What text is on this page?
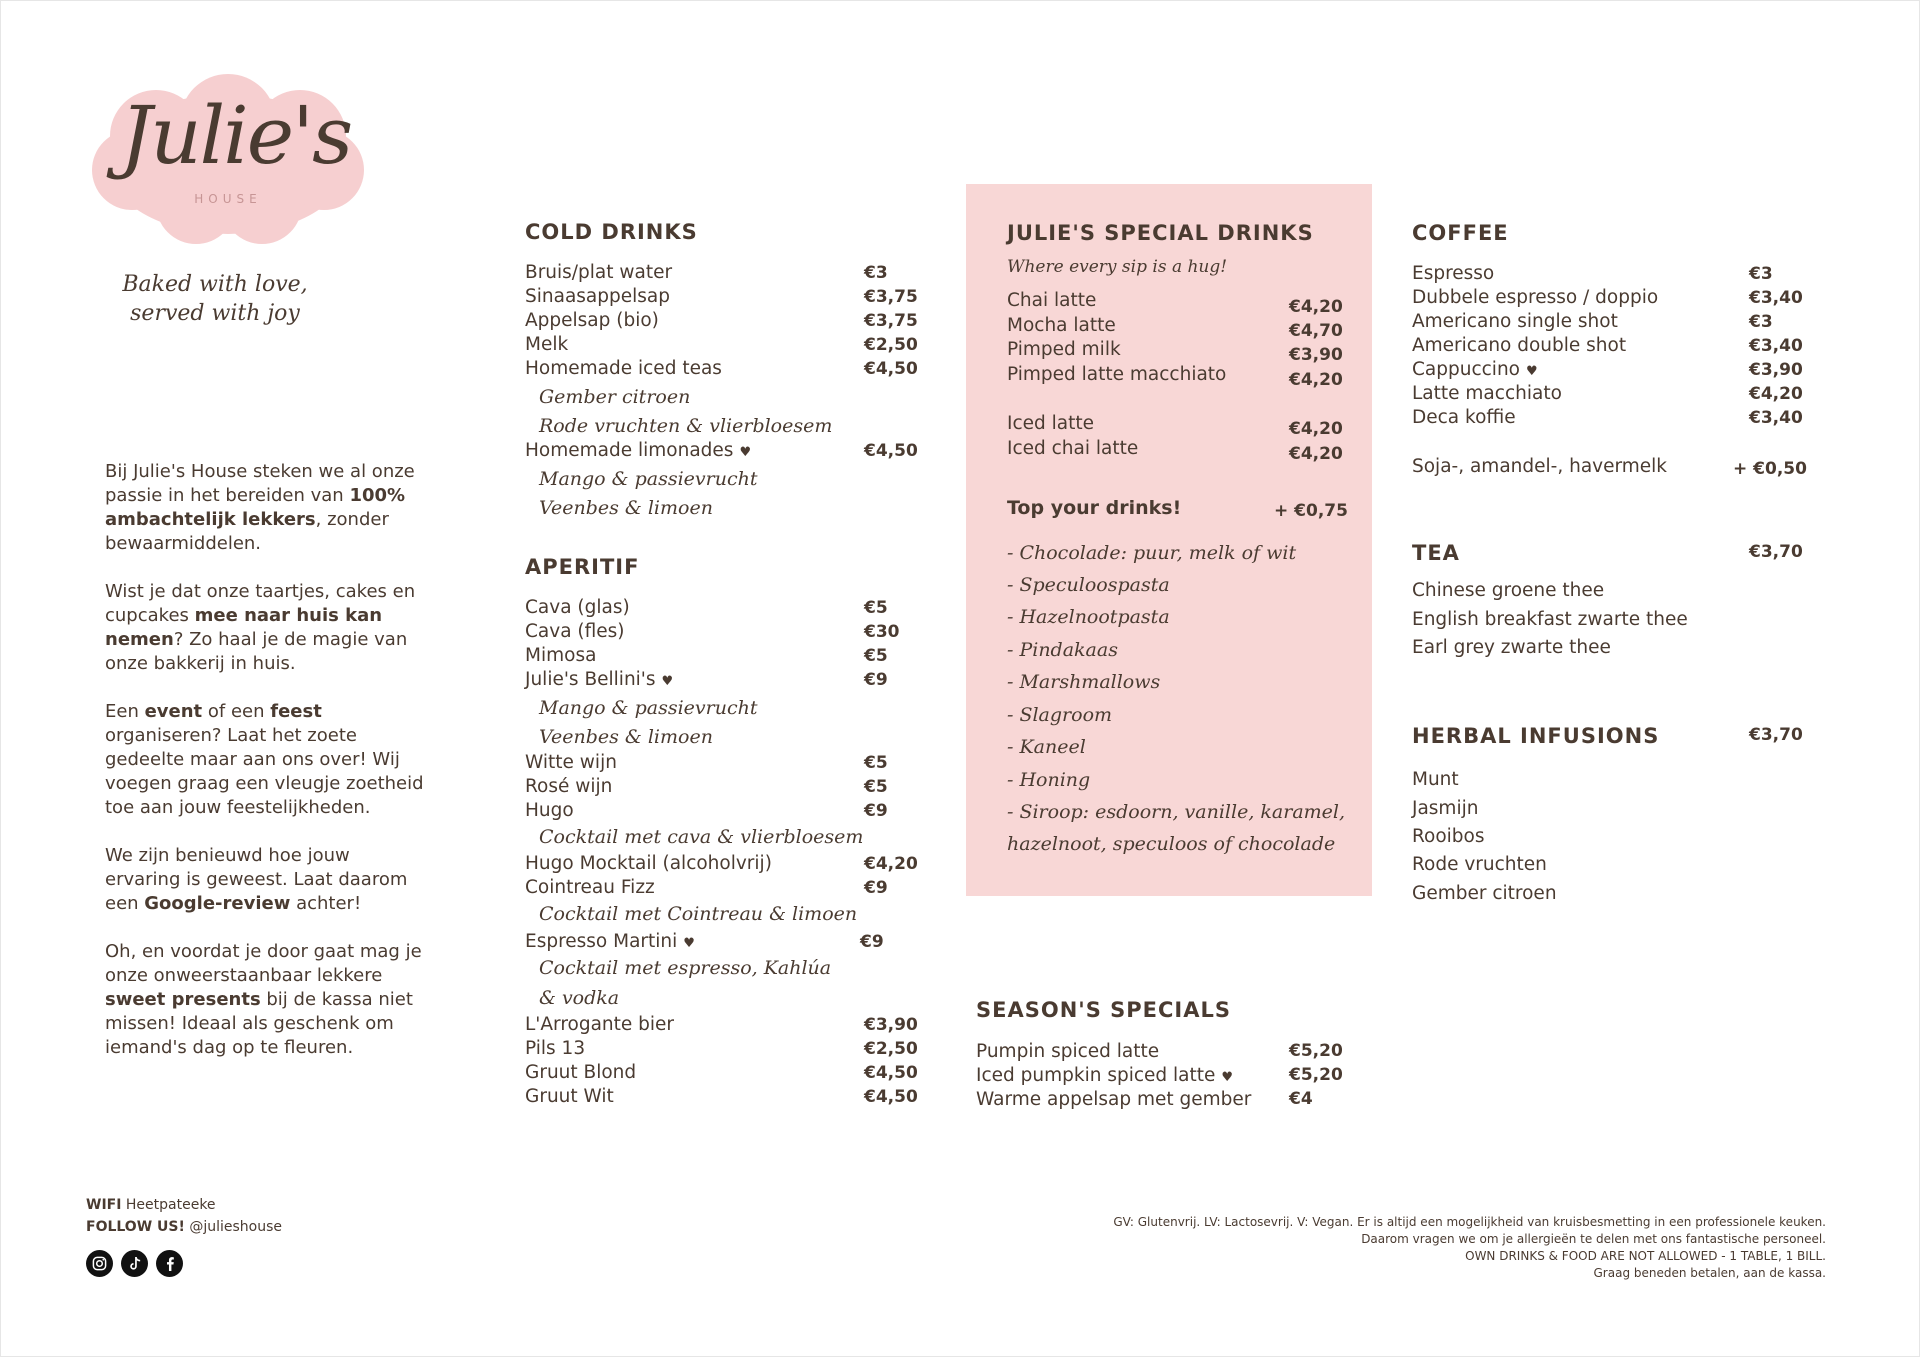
Julie's
HOUSE
Baked with love,
served with joy

Bij Julie's House steken we al onze passie in het bereiden van 100% ambachtelijk lekkers, zonder bewaarmiddelen.

Wist je dat onze taartjes, cakes en cupcakes mee naar huis kan nemen? Zo haal je de magie van onze bakkerij in huis.

Een event of een feest organiseren? Laat het zoete gedeelte maar aan ons over! Wij voegen graag een vleugje zoetheid toe aan jouw feestelijkheden.

We zijn benieuwd hoe jouw ervaring is geweest. Laat daarom een Google-review achter!

Oh, en voordat je door gaat mag je onze onweerstaanbaar lekkere sweet presents bij de kassa niet missen! Ideaal als geschenk om iemand's dag op te fleuren.

WIFI Heetpateeke
FOLLOW US! @julieshouse	GV: Glutenvrij. LV: Lactosevrij. V: Vegan. Er is altijd een mogelijkheid van kruisbesmetting in een professionele keuken.
Daarom vragen we om je allergieën te delen met ons fantastische personeel.
OWN DRINKS & FOOD ARE NOT ALLOWED - 1 TABLE, 1 BILL.
Graag beneden betalen, aan de kassa.
COLD DRINKS
Bruis/plat water	€3
Sinaasappelsap	€3,75
Appelsap (bio)	€3,75
Melk	€2,50
Homemade iced teas	€4,50
Gember citroen
Rode vruchten & vlierbloesem
Homemade limonades ♥	€4,50
Mango & passievrucht
Veenbes & limoen
APERITIF
Cava (glas)	€5
Cava (fles)	€30
Mimosa	€5
Julie's Bellini's ♥	€9
Mango & passievrucht
Veenbes & limoen
Witte wijn	€5
Rosé wijn	€5
Hugo	€9
Cocktail met cava & vlierbloesem
Hugo Mocktail (alcoholvrij)	€4,20
Cointreau Fizz	€9
Cocktail met Cointreau & limoen
Espresso Martini ♥	€9
Cocktail met espresso, Kahlúa
& vodka
L'Arrogante bier	€3,90
Pils 13	€2,50
Gruut Blond	€4,50
Gruut Wit	€4,50
JULIE'S SPECIAL DRINKS
Where every sip is a hug!
Chai latte	€4,20
Mocha latte	€4,70
Pimped milk	€3,90
Pimped latte macchiato	€4,20
Iced latte	€4,20
Iced chai latte	€4,20
Top your drinks!	+ €0,75
- Chocolade: puur, melk of wit
- Speculoospasta
- Hazelnootpasta
- Pindakaas
- Marshmallows
- Slagroom
- Kaneel
- Honing
- Siroop: esdoorn, vanille, karamel,
hazelnoot, speculoos of chocolade
SEASON'S SPECIALS
Pumpin spiced latte	€5,20
Iced pumpkin spiced latte ♥	€5,20
Warme appelsap met gember €4
COFFEE
Espresso	€3
Dubbele espresso / doppio	€3,40
Americano single shot	€3
Americano double shot	€3,40
Cappuccino ♥	€3,90
Latte macchiato	€4,20
Deca koffie	€3,40
Soja-, amandel-, havermelk	+ €0,50
TEA	€3,70
Chinese groene thee
English breakfast zwarte thee
Earl grey zwarte thee
HERBAL INFUSIONS	€3,70
Munt
Jasmijn
Rooibos
Rode vruchten
Gember citroen
